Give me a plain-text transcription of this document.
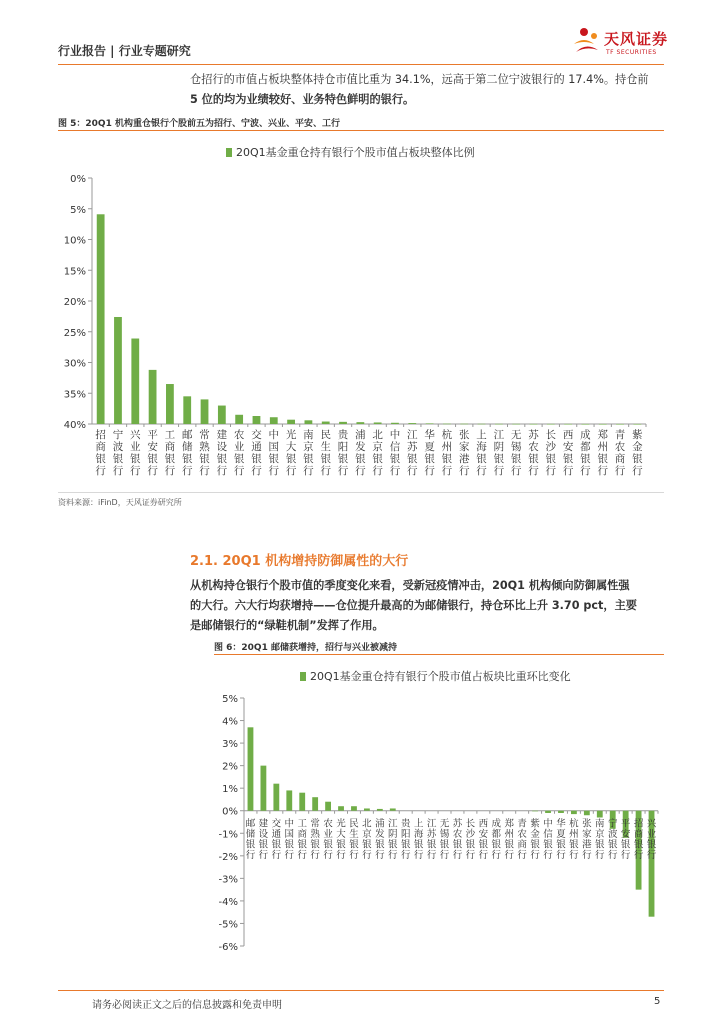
行业报告 | 行业专题研究
天风证券
TF SECURITIES
仓招行的市值占板块整体持仓市值比重为 34.1%，远高于第二位宁波银行的 17.4%。持仓前
5 位的均为业绩较好、业务特色鲜明的银行。
图 5：20Q1 机构重仓银行个股前五为招行、宁波、兴业、平安、工行
20Q1基金重仓持有银行个股市值占板块整体比例
0%
5%
10%
15%
20%
25%
30%
35%
40%
招商银行
宁波银行
兴业银行
平安银行
工商银行
邮储银行
常熟银行
建设银行
农业银行
交通银行
中国银行
光大银行
南京银行
民生银行
贵阳银行
浦发银行
北京银行
中信银行
江苏银行
华夏银行
杭州银行
张家港行
上海银行
江阴银行
无锡银行
苏农银行
长沙银行
西安银行
成都银行
郑州银行
青农商行
紫金银行
资料来源：iFinD，天风证券研究所
2.1. 20Q1 机构增持防御属性的大行
从机构持仓银行个股市值的季度变化来看，受新冠疫情冲击，20Q1 机构倾向防御属性强
的大行。六大行均获增持——仓位提升最高的为邮储银行，持仓环比上升 3.70 pct，主要
是邮储银行的“绿鞋机制”发挥了作用。
图 6：20Q1 邮储获增持，招行与兴业被减持
20Q1基金重仓持有银行个股市值占板块比重环比变化
5%
4%
3%
2%
1%
0%
-1%
-2%
-3%
-4%
-5%
-6%
邮储银行
建设银行
交通银行
中国银行
工商银行
常熟银行
农业银行
光大银行
民生银行
北京银行
浦发银行
江阴银行
贵阳银行
上海银行
江苏银行
无锡银行
苏农银行
长沙银行
西安银行
成都银行
郑州银行
青农商行
紫金银行
中信银行
华夏银行
杭州银行
张家港行
南京银行
宁波银行
平安银行
招商银行
兴业银行
请务必阅读正文之后的信息披露和免责申明	5
